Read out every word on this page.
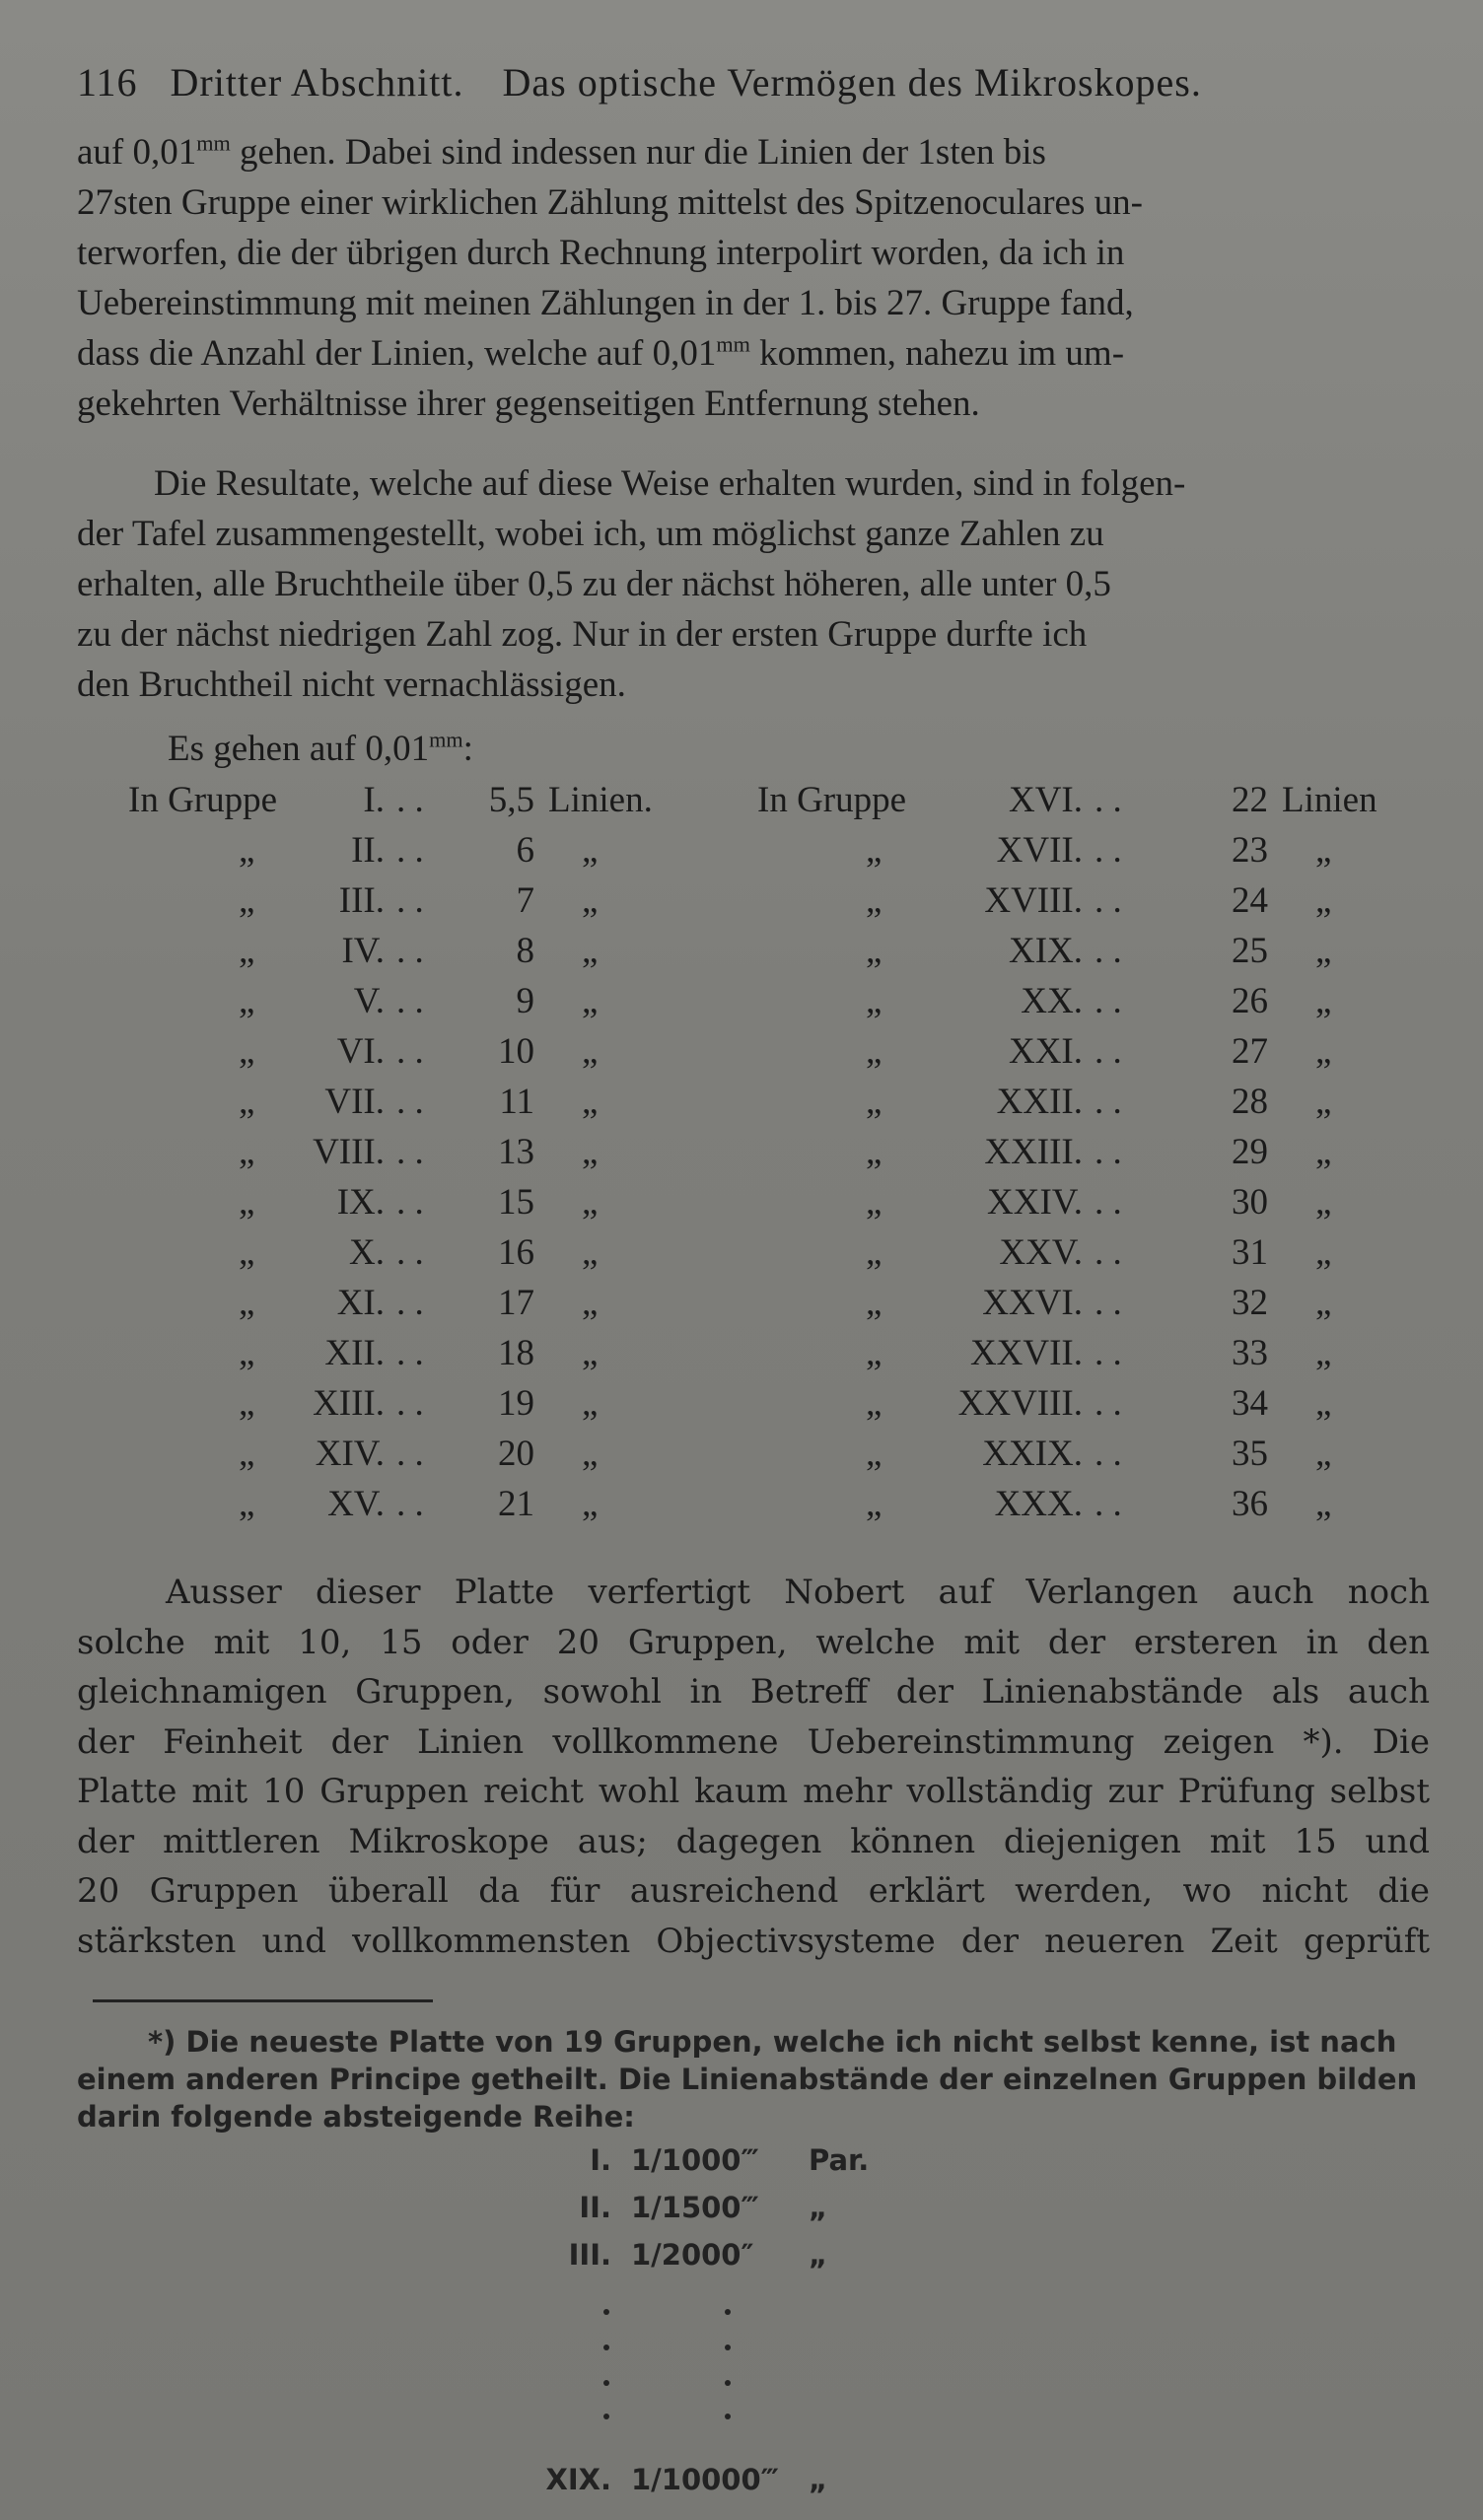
116 Dritter Abschnitt. Das optische Vermögen des Mikroskopes.
auf $0,01^{mm}$ gehen. Dabei sind indessen nur die Linien der 1sten bis
27sten Gruppe einer wirklichen Zählung mittelst des Spitzenoculares un-
terworfen, die der übrigen durch Rechnung interpolirt worden, da ich in
Uebereinstimmung mit meinen Zählungen in der 1. bis 27. Gruppe fand,
dass die Anzahl der Linien, welche auf $0,01^{mm}$ kommen, nahezu im um-
gekehrten Verhältnisse ihrer gegenseitigen Entfernung stehen.
Die Resultate, welche auf diese Weise erhalten wurden, sind in folgen-
der Tafel zusammengestellt, wobei ich, um möglichst ganze Zahlen zu
erhalten, alle Bruchtheile über 0,5 zu der nächst höheren, alle unter 0,5
zu der nächst niedrigen Zahl zog. Nur in der ersten Gruppe durfte ich
den Bruchtheil nicht vernachlässigen.
Es gehen auf $0,01^{mm}$:
In Gruppe I. . . 5,5 Linien.
„	II. . .	6 „
„ III. . .	7 „
„ IV. . .	8 „
„	V. . .	9 „
„ VI. . . 10 „
„ VII. . . 11 „
„ VIII. . . 13 „
„ IX. . . 15 „
„	X. . . 16 „
„ XI. . . 17 „
„ XII. . . 18 „
„ XIII. . . 19 „
„ XIV. . . 20 „
„ XV. . . 21 „
In Gruppe	XVI. . .	22 Linien
„	XVII. . .	23 „
„	XVIII. . .	24 „
„	XIX. . .	25 „
„	XX. . .	26 „
„	XXI. . .	27 „
„	XXII. . .	28 „
„	XXIII. . .	29 „
„	XXIV. . .	30 „
„	XXV. . .	31 „
„	XXVI. . .	32 „
„ XXVII. . .	33 „
„ XXVIII. . .	34 „
„	XXIX. . .	35 „
„	XXX. . .	36 „
Ausser dieser Platte verfertigt Nobert auf Verlangen auch noch
solche mit 10, 15 oder 20 Gruppen, welche mit der ersteren in den
gleichnamigen Gruppen, sowohl in Betreff der Linienabstände als auch
der Feinheit der Linien vollkommene Uebereinstimmung zeigen *). Die
Platte mit 10 Gruppen reicht wohl kaum mehr vollständig zur Prüfung selbst
der mittleren Mikroskope aus; dagegen können diejenigen mit 15 und
20 Gruppen überall da für ausreichend erklärt werden, wo nicht die
stärksten und vollkommensten Objectivsysteme der neueren Zeit geprüft
*) Die neueste Platte von 19 Gruppen, welche ich nicht selbst kenne, ist nach
einem anderen Principe getheilt. Die Linienabstände der einzelnen Gruppen bilden
darin folgende absteigende Reihe:
I. 1/1000‴ Par.
II. 1/1500‴ „
III. 1/2000″ „
XIX. 1/10000‴ „
